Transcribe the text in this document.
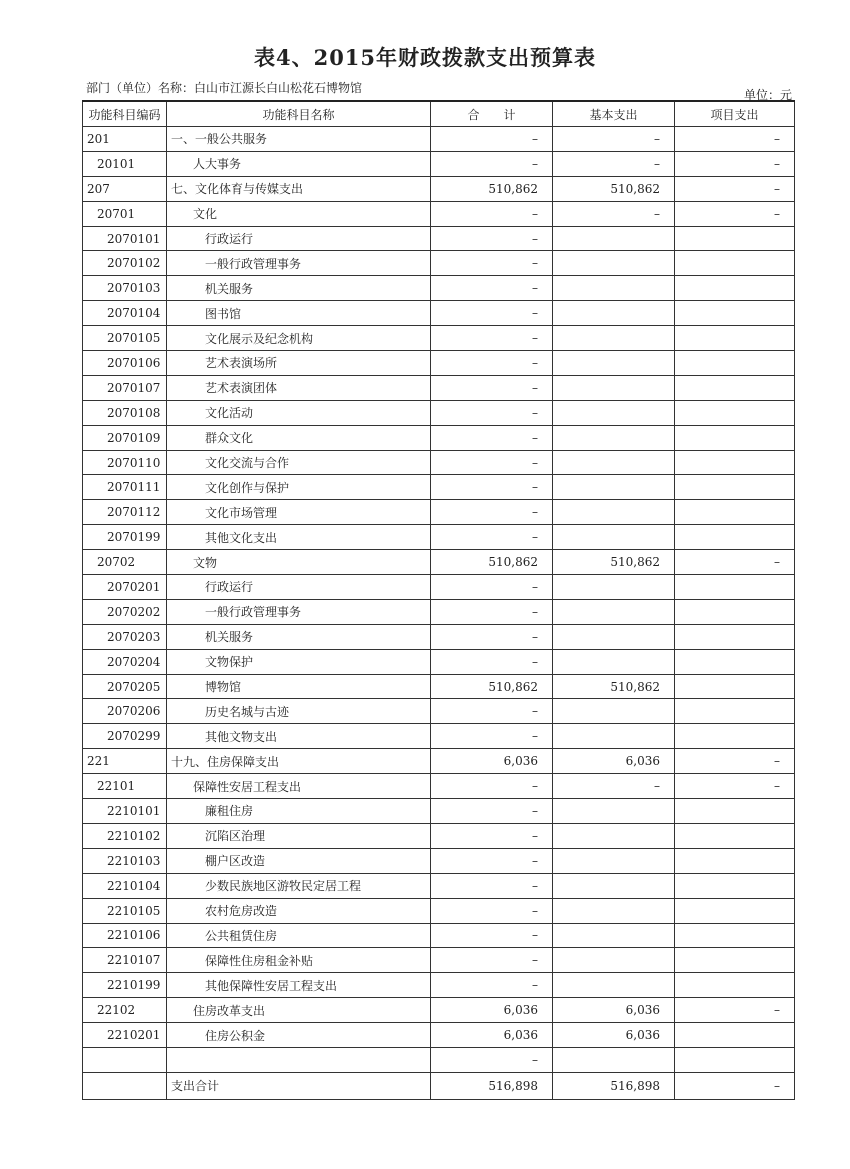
表4、2015年财政拨款支出预算表
部门（单位）名称：白山市江源长白山松花石博物馆	单位：元
功能科目编码	功能科目名称	合　　计	基本支出	项目支出
201	一、一般公共服务	–	–	–
20101	人大事务	–	–	–
207	七、文化体育与传媒支出	510,862	510,862	–
20701	文化	–	–	–
2070101	行政运行	–		
2070102	一般行政管理事务	–		
2070103	机关服务	–		
2070104	图书馆	–		
2070105	文化展示及纪念机构	–		
2070106	艺术表演场所	–		
2070107	艺术表演团体	–		
2070108	文化活动	–		
2070109	群众文化	–		
2070110	文化交流与合作	–		
2070111	文化创作与保护	–		
2070112	文化市场管理	–		
2070199	其他文化支出	–		
20702	文物	510,862	510,862	–
2070201	行政运行	–		
2070202	一般行政管理事务	–		
2070203	机关服务	–		
2070204	文物保护	–		
2070205	博物馆	510,862	510,862	
2070206	历史名城与古迹	–		
2070299	其他文物支出	–		
221	十九、住房保障支出	6,036	6,036	–
22101	保障性安居工程支出	–	–	–
2210101	廉租住房	–		
2210102	沉陷区治理	–		
2210103	棚户区改造	–		
2210104	少数民族地区游牧民定居工程	–		
2210105	农村危房改造	–		
2210106	公共租赁住房	–		
2210107	保障性住房租金补贴	–		
2210199	其他保障性安居工程支出	–		
22102	住房改革支出	6,036	6,036	–
2210201	住房公积金	6,036	6,036	
		–		
	支出合计	516,898	516,898	–
